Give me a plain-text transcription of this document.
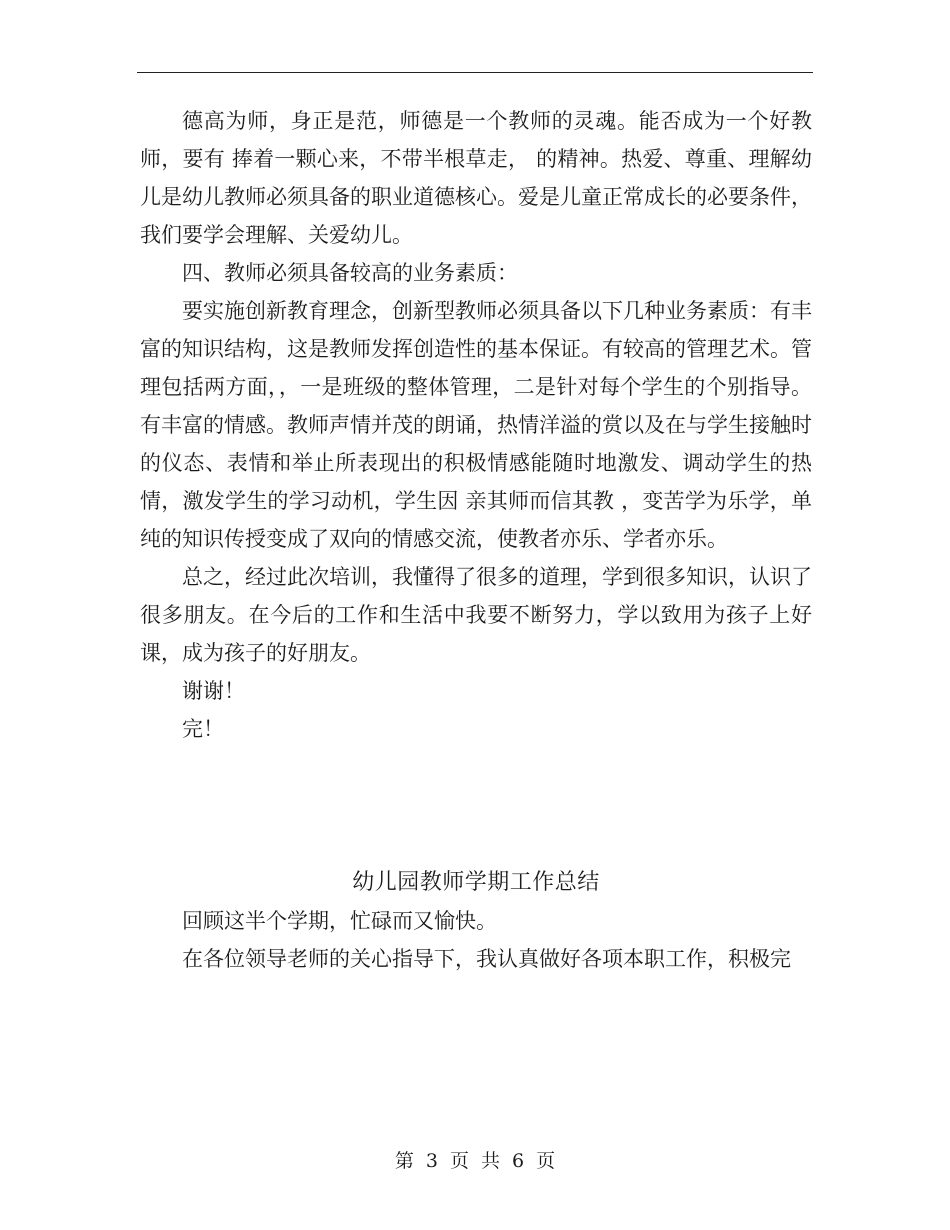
德高为师，身正是范，师德是一个教师的灵魂。能否成为一个好教师，要有 捧着一颗心来，不带半根草走， 的精神。热爱、尊重、理解幼儿是幼儿教师必须具备的职业道德核心。爱是儿童正常成长的必要条件，我们要学会理解、关爱幼儿。

四、教师必须具备较高的业务素质：

要实施创新教育理念，创新型教师必须具备以下几种业务素质：有丰富的知识结构，这是教师发挥创造性的基本保证。有较高的管理艺术。管理包括两方面，，一是班级的整体管理，二是针对每个学生的个别指导。有丰富的情感。教师声情并茂的朗诵，热情洋溢的赏以及在与学生接触时的仪态、表情和举止所表现出的积极情感能随时地激发、调动学生的热情，激发学生的学习动机，学生因 亲其师而信其教 ，变苦学为乐学，单纯的知识传授变成了双向的情感交流，使教者亦乐、学者亦乐。

总之，经过此次培训，我懂得了很多的道理，学到很多知识，认识了很多朋友。在今后的工作和生活中我要不断努力，学以致用为孩子上好课，成为孩子的好朋友。

谢谢！

完！

幼儿园教师学期工作总结

回顾这半个学期，忙碌而又愉快。

在各位领导老师的关心指导下，我认真做好各项本职工作，积极完

第 3 页 共 6 页
